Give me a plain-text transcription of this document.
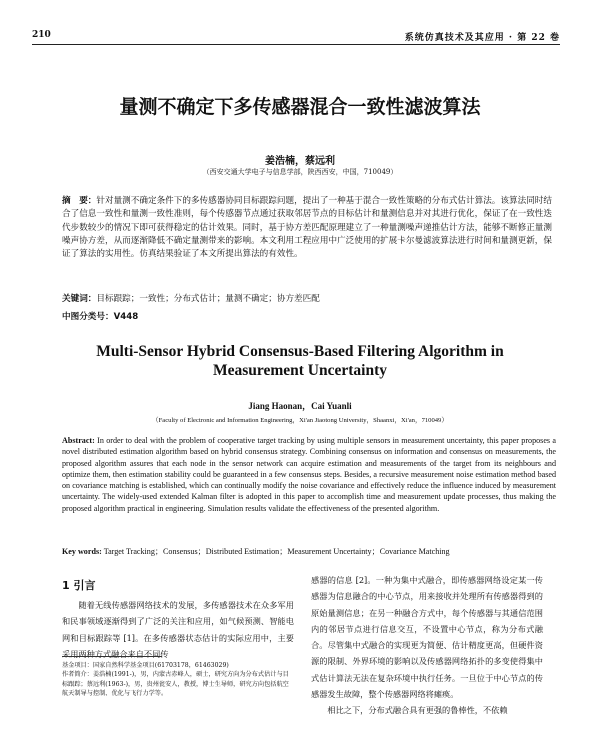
210	系统仿真技术及其应用 · 第 22 卷
量测不确定下多传感器混合一致性滤波算法
姜浩楠，蔡远利
（西安交通大学电子与信息学部，陕西西安，中国，710049）
摘　要：针对量测不确定条件下的多传感器协同目标跟踪问题，提出了一种基于混合一致性策略的分布式估计算法。该算法同时结合了信息一致性和量测一致性准则，每个传感器节点通过获取邻居节点的目标估计和量测信息并对其进行优化，保证了在一致性迭代步数较少的情况下即可获得稳定的估计效果。同时，基于协方差匹配原理建立了一种量测噪声递推估计方法，能够不断修正量测噪声协方差，从而逐渐降低不确定量测带来的影响。本文利用工程应用中广泛使用的扩展卡尔曼滤波算法进行时间和量测更新，保证了算法的实用性。仿真结果验证了本文所提出算法的有效性。
关键词：目标跟踪；一致性；分布式估计；量测不确定；协方差匹配
中图分类号：V448
Multi-Sensor Hybrid Consensus-Based Filtering Algorithm in Measurement Uncertainty
Jiang Haonan，Cai Yuanli
（Faculty of Electronic and Information Engineering，Xi'an Jiaotong University，Shaanxi，Xi'an，710049）
Abstract: In order to deal with the problem of cooperative target tracking by using multiple sensors in measurement uncertainty, this paper proposes a novel distributed estimation algorithm based on hybrid consensus strategy. Combining consensus on information and consensus on measurements, the proposed algorithm assures that each node in the sensor network can acquire estimation and measurements of the target from its neighbours and optimize them, then estimation stability could be guaranteed in a few consensus steps. Besides, a recursive measurement noise estimation method based on covariance matching is established, which can continually modify the noise covariance and effectively reduce the influence induced by measurement uncertainty. The widely-used extended Kalman filter is adopted in this paper to accomplish time and measurement update processes, thus making the proposed algorithm practical in engineering. Simulation results validate the effectiveness of the presented algorithm.
Key words: Target Tracking；Consensus；Distributed Estimation；Measurement Uncertainty；Covariance Matching
1 引言

随着无线传感器网络技术的发展，多传感器技术在众多军用和民事领域逐渐得到了广泛的关注和应用，如气候预测、智能电网和目标跟踪等 [1]。在多传感器状态估计的实际应用中，主要采用两种方式融合来自不同传

感器的信息 [2]。一种为集中式融合，即传感器网络设定某一传感器为信息融合的中心节点，用来接收并处理所有传感器得到的原始量测信息；在另一种融合方式中，每个传感器与其通信范围内的邻居节点进行信息交互，不设置中心节点，称为分布式融合。尽管集中式融合的实现更为简便、估计精度更高，但硬件资源的限制、外界环境的影响以及传感器网络拓扑的多变使得集中式估计算法无法在复杂环境中执行任务。一旦位于中心节点的传感器发生故障，整个传感器网络将瘫痪。

相比之下，分布式融合具有更强的鲁棒性，不依赖

基金项目：国家自然科学基金项目(61703178，61463029)

作者简介：姜浩楠(1991-)，男，内蒙古赤峰人，硕士，研究方向为分布式估计与目标跟踪；蔡远利(1963-)，男，贵州瓮安人，教授，博士生导师，研究方向包括航空航天制导与控制、优化与飞行力学等。
